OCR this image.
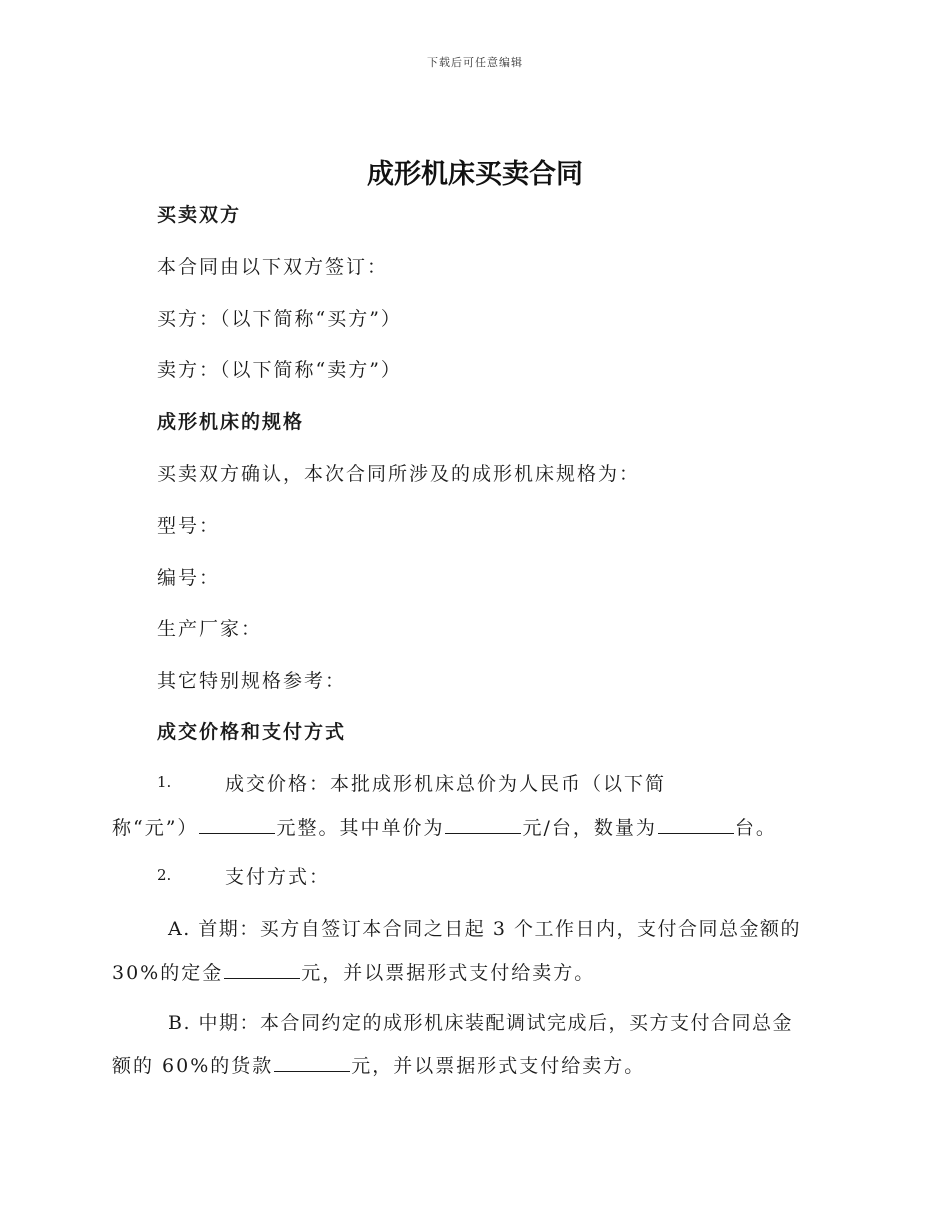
下载后可任意编辑
成形机床买卖合同
买卖双方
本合同由以下双方签订：
买方：（以下简称“买方”）
卖方：（以下简称“卖方”）
成形机床的规格
买卖双方确认，本次合同所涉及的成形机床规格为：
型号：
编号：
生产厂家：
其它特别规格参考：
成交价格和支付方式
1.	成交价格：本批成形机床总价为人民币（以下简
称“元”）	元整。其中单价为	元/台，数量为	台。
2.	支付方式：
A. 首期：买方自签订本合同之日起 3 个工作日内，支付合同总金额的
30%的定金	元，并以票据形式支付给卖方。
B. 中期：本合同约定的成形机床装配调试完成后，买方支付合同总金
额的 60%的货款	元，并以票据形式支付给卖方。
